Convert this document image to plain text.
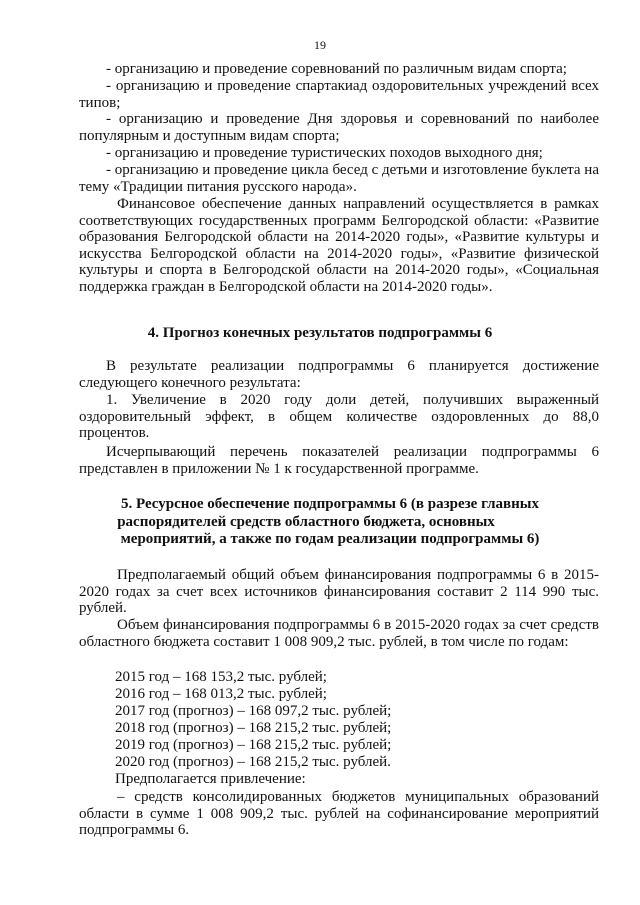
19

- организацию и проведение соревнований по различным видам спорта;

- организацию и проведение спартакиад оздоровительных учреждений всех типов;

- организацию и проведение Дня здоровья и соревнований по наиболее популярным и доступным видам спорта;

- организацию и проведение туристических походов выходного дня;

- организацию и проведение цикла бесед с детьми и изготовление буклета на тему «Традиции питания русского народа».

Финансовое обеспечение данных направлений осуществляется в рамках соответствующих государственных программ Белгородской области: «Развитие образования Белгородской области на 2014-2020 годы», «Развитие культуры и искусства Белгородской области на 2014-2020 годы», «Развитие физической культуры и спорта в Белгородской области на 2014-2020 годы», «Социальная поддержка граждан в Белгородской области на 2014-2020 годы».

4. Прогноз конечных результатов подпрограммы 6

В результате реализации подпрограммы 6 планируется достижение следующего конечного результата:

1. Увеличение в 2020 году доли детей, получивших выраженный оздоровительный эффект, в общем количестве оздоровленных до 88,0 процентов.

Исчерпывающий перечень показателей реализации подпрограммы 6 представлен в приложении № 1 к государственной программе.

5. Ресурсное обеспечение подпрограммы 6 (в разрезе главных
распорядителей средств областного бюджета, основных
мероприятий, а также по годам реализации подпрограммы 6)

Предполагаемый общий объем финансирования подпрограммы 6 в 2015-2020 годах за счет всех источников финансирования составит 2 114 990 тыс. рублей.

Объем финансирования подпрограммы 6 в 2015-2020 годах за счет средств областного бюджета составит 1 008 909,2 тыс. рублей, в том числе по годам:

2015 год – 168 153,2 тыс. рублей;

2016 год – 168 013,2 тыс. рублей;

2017 год (прогноз) – 168 097,2 тыс. рублей;

2018 год (прогноз) – 168 215,2 тыс. рублей;

2019 год (прогноз) – 168 215,2 тыс. рублей;

2020 год (прогноз) – 168 215,2 тыс. рублей.

Предполагается привлечение:

– средств консолидированных бюджетов муниципальных образований области в сумме 1 008 909,2 тыс. рублей на софинансирование мероприятий подпрограммы 6.
